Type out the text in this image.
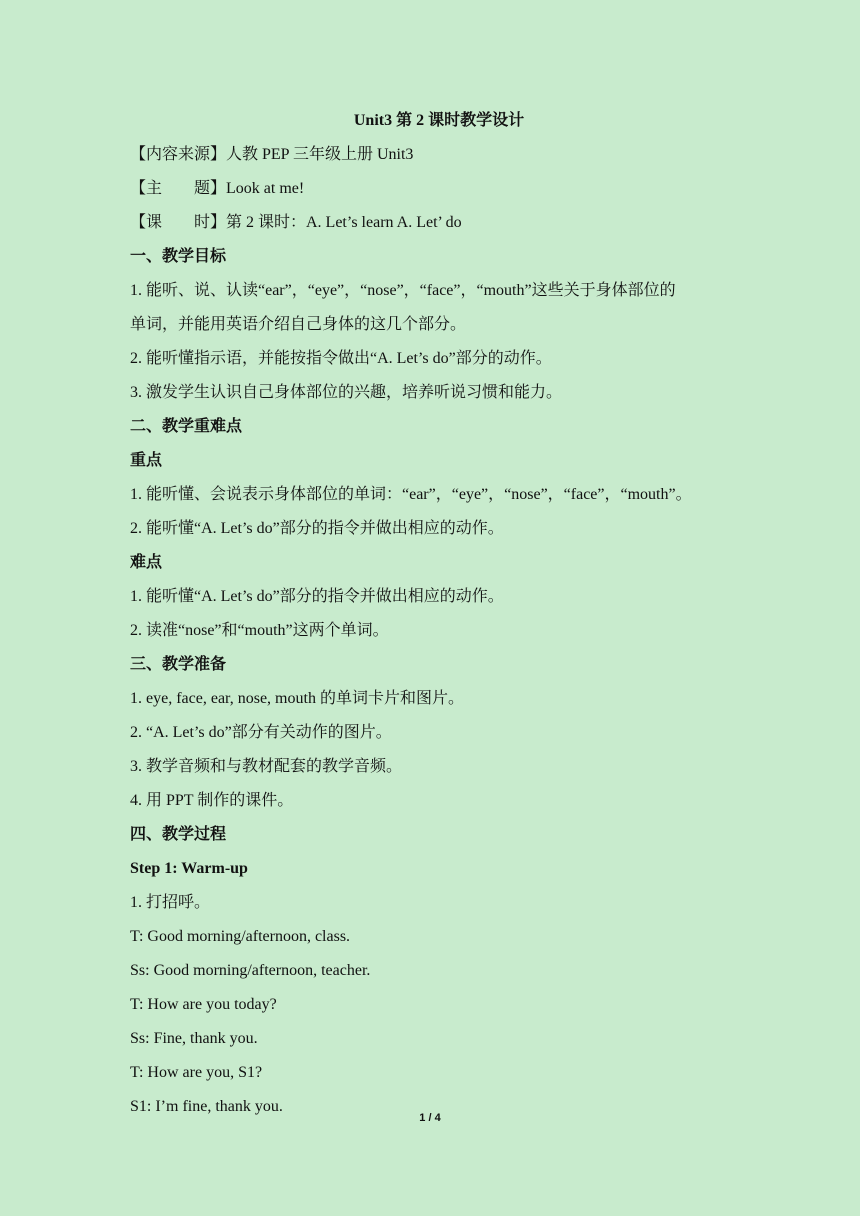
Unit3 第 2 课时教学设计
【内容来源】人教 PEP 三年级上册 Unit3
【主　　题】Look at me!
【课　　时】第 2 课时：A. Let’s learn A. Let’ do
一、教学目标
1. 能听、说、认读“ear”，“eye”，“nose”，“face”，“mouth”这些关于身体部位的
单词，并能用英语介绍自己身体的这几个部分。
2. 能听懂指示语，并能按指令做出“A. Let’s do”部分的动作。
3. 激发学生认识自己身体部位的兴趣，培养听说习惯和能力。
二、教学重难点
重点
1. 能听懂、会说表示身体部位的单词：“ear”，“eye”，“nose”，“face”，“mouth”。
2. 能听懂“A. Let’s do”部分的指令并做出相应的动作。
难点
1. 能听懂“A. Let’s do”部分的指令并做出相应的动作。
2. 读准“nose”和“mouth”这两个单词。
三、教学准备
1. eye, face, ear, nose, mouth 的单词卡片和图片。
2. “A. Let’s do”部分有关动作的图片。
3. 教学音频和与教材配套的教学音频。
4. 用 PPT 制作的课件。
四、教学过程
Step 1: Warm-up
1. 打招呼。
T: Good morning/afternoon, class.
Ss: Good morning/afternoon, teacher.
T: How are you today?
Ss: Fine, thank you.
T: How are you, S1?
S1: I’m fine, thank you.
1 / 4
